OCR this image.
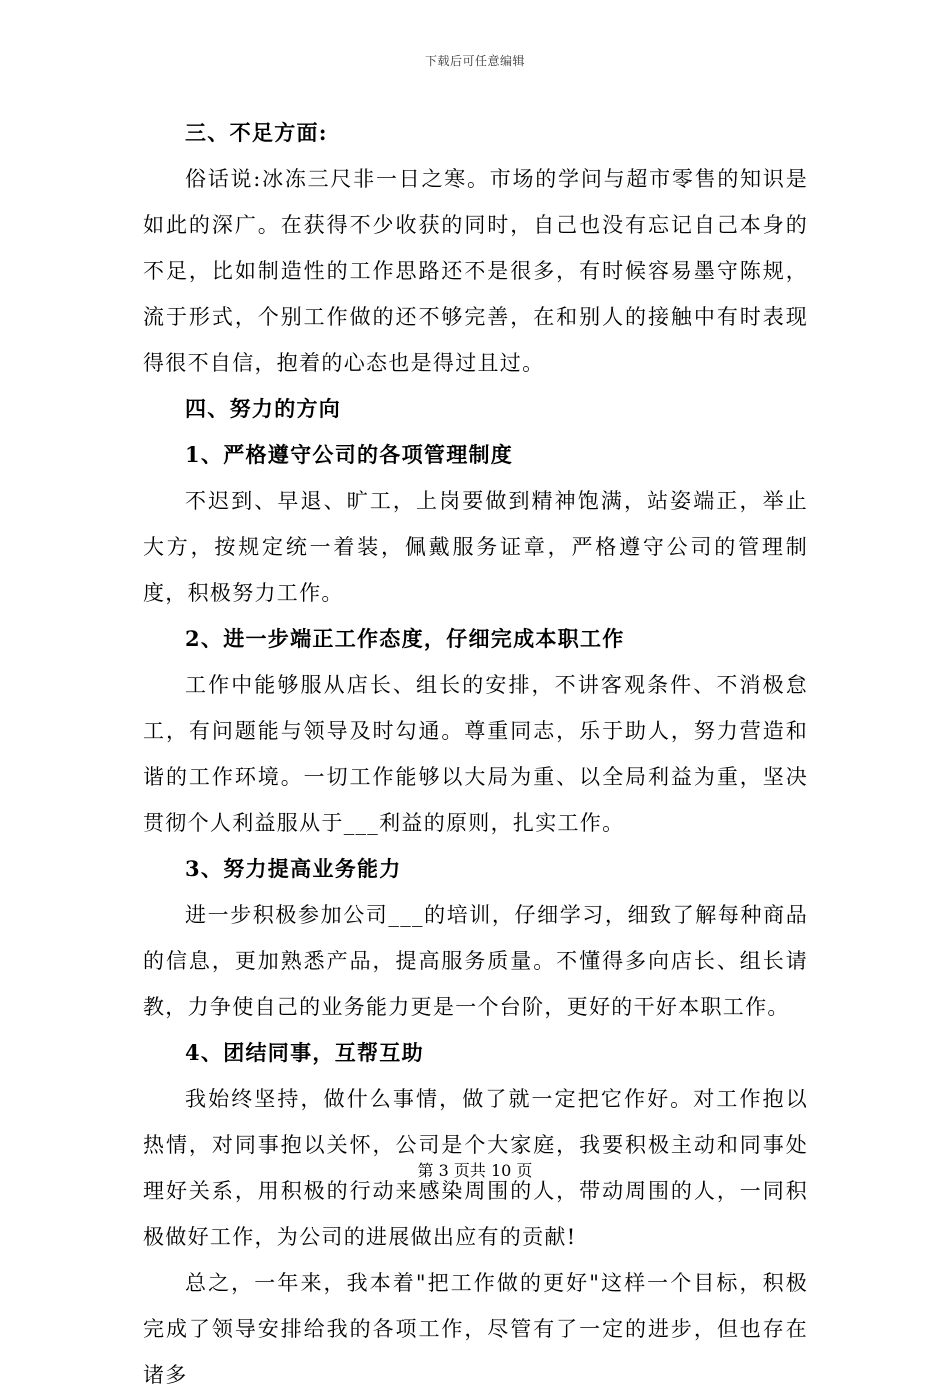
下载后可任意编辑

三、不足方面:

俗话说:冰冻三尺非一日之寒。市场的学问与超市零售的知识是如此的深广。在获得不少收获的同时，自己也没有忘记自己本身的不足，比如制造性的工作思路还不是很多，有时候容易墨守陈规，流于形式，个别工作做的还不够完善，在和别人的接触中有时表现得很不自信，抱着的心态也是得过且过。

四、努力的方向

1、严格遵守公司的各项管理制度

不迟到、早退、旷工，上岗要做到精神饱满，站姿端正，举止大方，按规定统一着装，佩戴服务证章，严格遵守公司的管理制度，积极努力工作。

2、进一步端正工作态度，仔细完成本职工作

工作中能够服从店长、组长的安排，不讲客观条件、不消极怠工，有问题能与领导及时勾通。尊重同志，乐于助人，努力营造和谐的工作环境。一切工作能够以大局为重、以全局利益为重，坚决贯彻个人利益服从于___利益的原则，扎实工作。

3、努力提高业务能力

进一步积极参加公司___的培训，仔细学习，细致了解每种商品的信息，更加熟悉产品，提高服务质量。不懂得多向店长、组长请教，力争使自己的业务能力更是一个台阶，更好的干好本职工作。

4、团结同事，互帮互助

我始终坚持，做什么事情，做了就一定把它作好。对工作抱以热情，对同事抱以关怀，公司是个大家庭，我要积极主动和同事处理好关系，用积极的行动来感染周围的人，带动周围的人，一同积极做好工作，为公司的进展做出应有的贡献!

总之，一年来，我本着"把工作做的更好"这样一个目标，积极完成了领导安排给我的各项工作，尽管有了一定的进步，但也存在诸多

第 3 页共 10 页
